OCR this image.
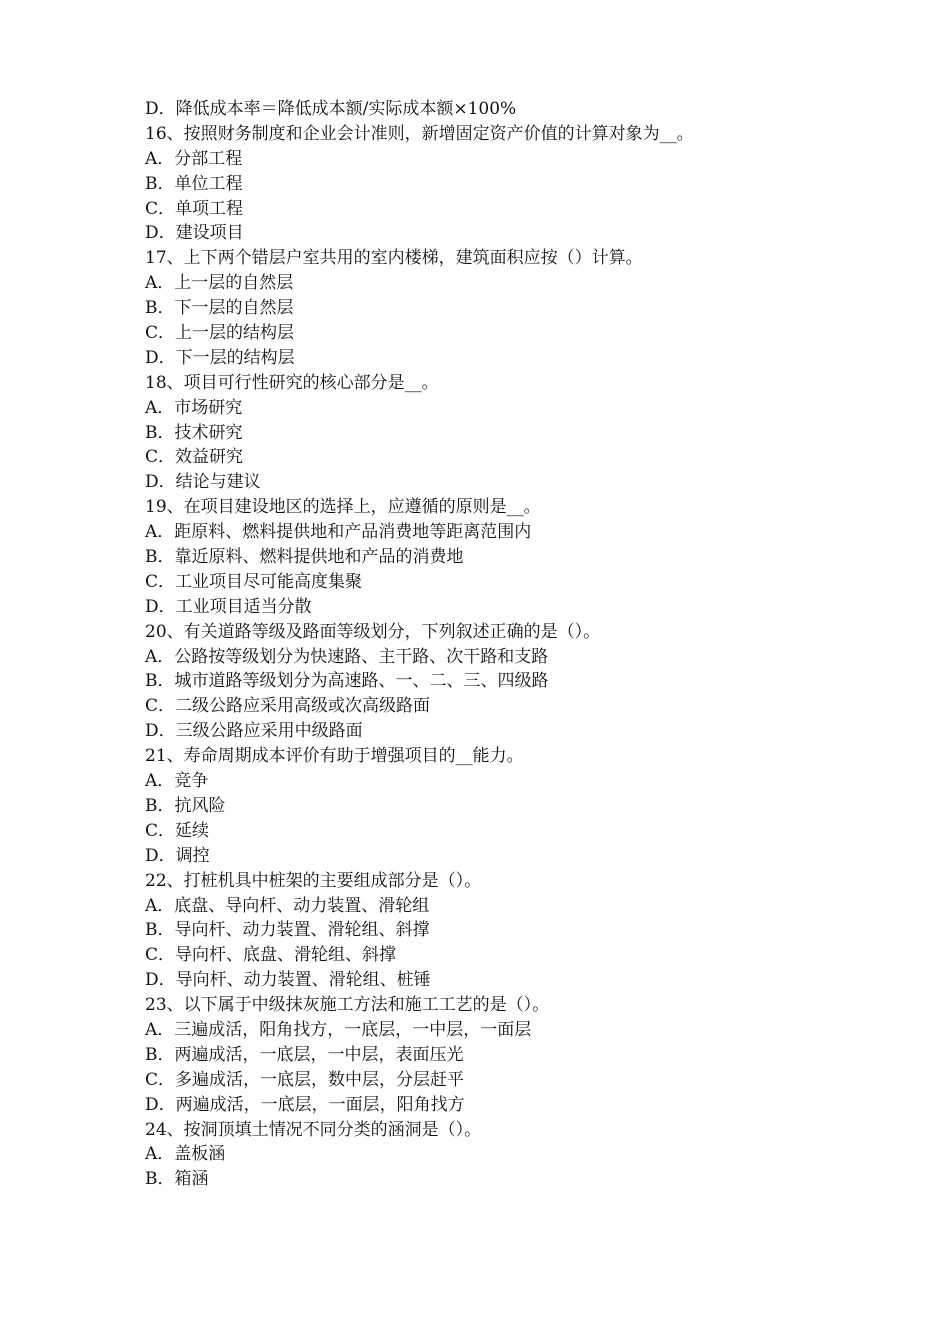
D．降低成本率＝降低成本额/实际成本额×100%
16、按照财务制度和企业会计准则，新增固定资产价值的计算对象为__。
A．分部工程
B．单位工程
C．单项工程
D．建设项目
17、上下两个错层户室共用的室内楼梯，建筑面积应按（）计算。
A．上一层的自然层
B．下一层的自然层
C．上一层的结构层
D．下一层的结构层
18、项目可行性研究的核心部分是__。
A．市场研究
B．技术研究
C．效益研究
D．结论与建议
19、在项目建设地区的选择上，应遵循的原则是__。
A．距原料、燃料提供地和产品消费地等距离范围内
B．靠近原料、燃料提供地和产品的消费地
C．工业项目尽可能高度集聚
D．工业项目适当分散
20、有关道路等级及路面等级划分，下列叙述正确的是（）。
A．公路按等级划分为快速路、主干路、次干路和支路
B．城市道路等级划分为高速路、一、二、三、四级路
C．二级公路应采用高级或次高级路面
D．三级公路应采用中级路面
21、寿命周期成本评价有助于增强项目的__能力。
A．竞争
B．抗风险
C．延续
D．调控
22、打桩机具中桩架的主要组成部分是（）。
A．底盘、导向杆、动力装置、滑轮组
B．导向杆、动力装置、滑轮组、斜撑
C．导向杆、底盘、滑轮组、斜撑
D．导向杆、动力装置、滑轮组、桩锤
23、以下属于中级抹灰施工方法和施工工艺的是（）。
A．三遍成活，阳角找方，一底层，一中层，一面层
B．两遍成活，一底层，一中层，表面压光
C．多遍成活，一底层，数中层，分层赶平
D．两遍成活，一底层，一面层，阳角找方
24、按洞顶填土情况不同分类的涵洞是（）。
A．盖板涵
B．箱涵
